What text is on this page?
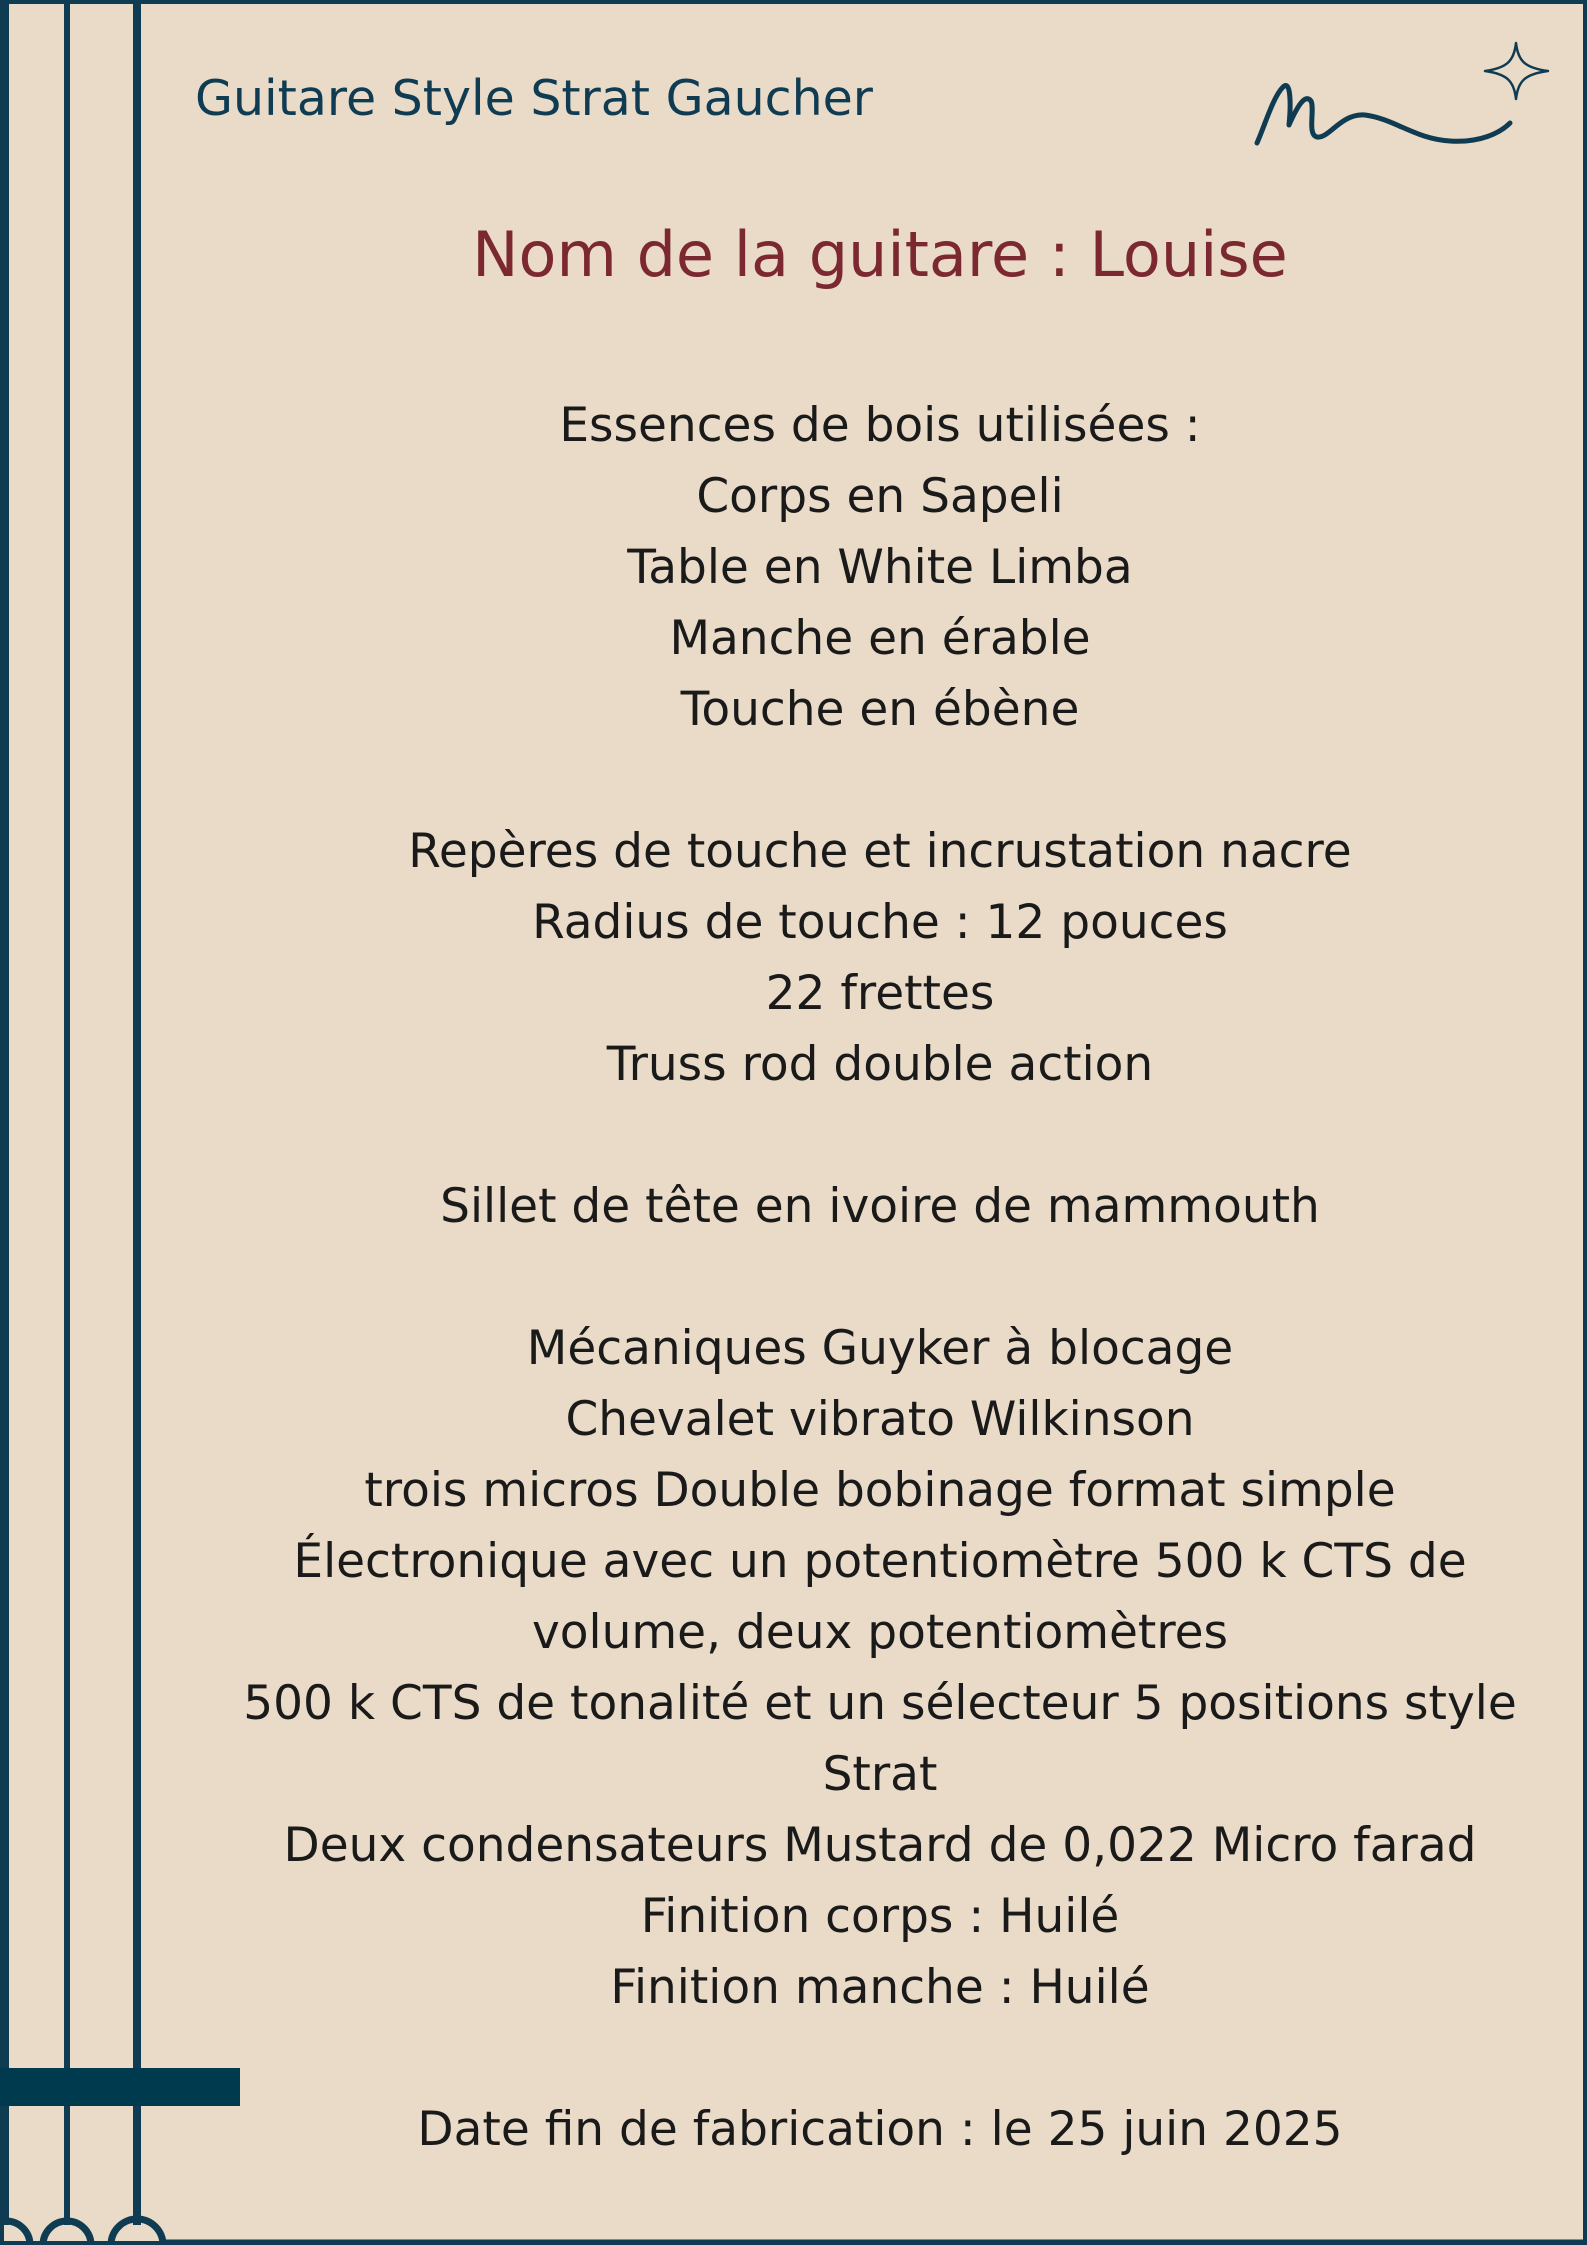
Guitare Style Strat Gaucher
Nom de la guitare : Louise
Essences de bois utilisées :
Corps en Sapeli
Table en White Limba
Manche en érable
Touche en ébène
Repères de touche et incrustation nacre
Radius de touche : 12 pouces
22 frettes
Truss rod double action
Sillet de tête en ivoire de mammouth
Mécaniques Guyker à blocage
Chevalet vibrato Wilkinson
trois micros Double bobinage format simple
Électronique avec un potentiomètre 500 k CTS de
volume, deux potentiomètres
500 k CTS de tonalité et un sélecteur 5 positions style
Strat
Deux condensateurs Mustard de 0,022 Micro farad
Finition corps : Huilé
Finition manche : Huilé
Date fin de fabrication : le 25 juin 2025
